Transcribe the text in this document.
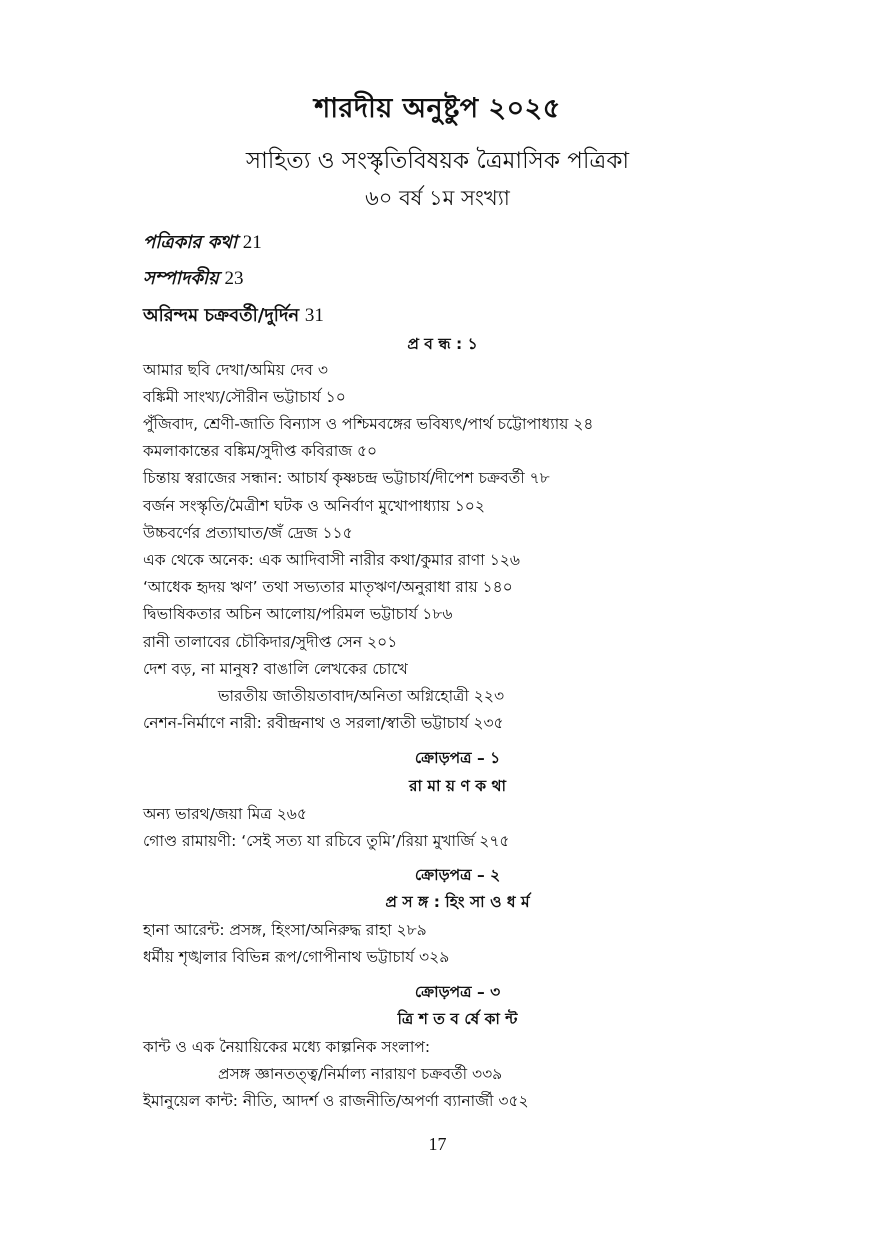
শারদীয় অনুষ্টুপ ২০২৫
সাহিত্য ও সংস্কৃতিবিষয়ক ত্রৈমাসিক পত্রিকা
৬০ বর্ষ ১ম সংখ্যা
পত্রিকার কথা 21
সম্পাদকীয় 23
অরিন্দম চক্রবর্তী/দুর্দিন 31
প্র ব ন্ধ : ১
আমার ছবি দেখা/অমিয় দেব ৩
বঙ্কিমী সাংখ্য/সৌরীন ভট্টাচার্য ১০
পুঁজিবাদ, শ্রেণী-জাতি বিন্যাস ও পশ্চিমবঙ্গের ভবিষ্যৎ/পার্থ চট্টোপাধ্যায় ২৪
কমলাকান্তের বঙ্কিম/সুদীপ্ত কবিরাজ ৫০
চিন্তায় স্বরাজের সন্ধান: আচার্য কৃষ্ণচন্দ্র ভট্টাচার্য/দীপেশ চক্রবর্তী ৭৮
বর্জন সংস্কৃতি/মৈত্রীশ ঘটক ও অনির্বাণ মুখোপাধ্যায় ১০২
উচ্চবর্ণের প্রত্যাঘাত/জঁ দ্রেজ ১১৫
এক থেকে অনেক: এক আদিবাসী নারীর কথা/কুমার রাণা ১২৬
‘আধেক হৃদয় ঋণ’ তথা সভ্যতার মাতৃঋণ/অনুরাধা রায় ১৪০
দ্বিভাষিকতার অচিন আলোয়/পরিমল ভট্টাচার্য ১৮৬
রানী তালাবের চৌকিদার/সুদীপ্ত সেন ২০১
দেশ বড়, না মানুষ? বাঙালি লেখকের চোখে
ভারতীয় জাতীয়তাবাদ/অনিতা অগ্নিহোত্রী ২২৩
নেশন-নির্মাণে নারী: রবীন্দ্রনাথ ও সরলা/স্বাতী ভট্টাচার্য ২৩৫
ক্রোড়পত্র – ১
রা মা য় ণ ক থা
অন্য ভারথ/জয়া মিত্র ২৬৫
গোণ্ড রামায়ণী: ‘সেই সত্য যা রচিবে তুমি’/রিয়া মুখার্জি ২৭৫
ক্রোড়পত্র – ২
প্র স ঙ্গ : হিং সা ও ধ র্ম
হানা আরেন্ট: প্রসঙ্গ, হিংসা/অনিরুদ্ধ রাহা ২৮৯
ধর্মীয় শৃঙ্খলার বিভিন্ন রূপ/গোপীনাথ ভট্টাচার্য ৩২৯
ক্রোড়পত্র – ৩
ত্রি শ ত ব র্ষে কা ন্ট
কান্ট ও এক নৈয়ায়িকের মধ্যে কাল্পনিক সংলাপ:
প্রসঙ্গ জ্ঞানতত্ত্ব/নির্মাল্য নারায়ণ চক্রবর্তী ৩৩৯
ইমানুয়েল কান্ট: নীতি, আদর্শ ও রাজনীতি/অপর্ণা ব্যানার্জী ৩৫২
17
